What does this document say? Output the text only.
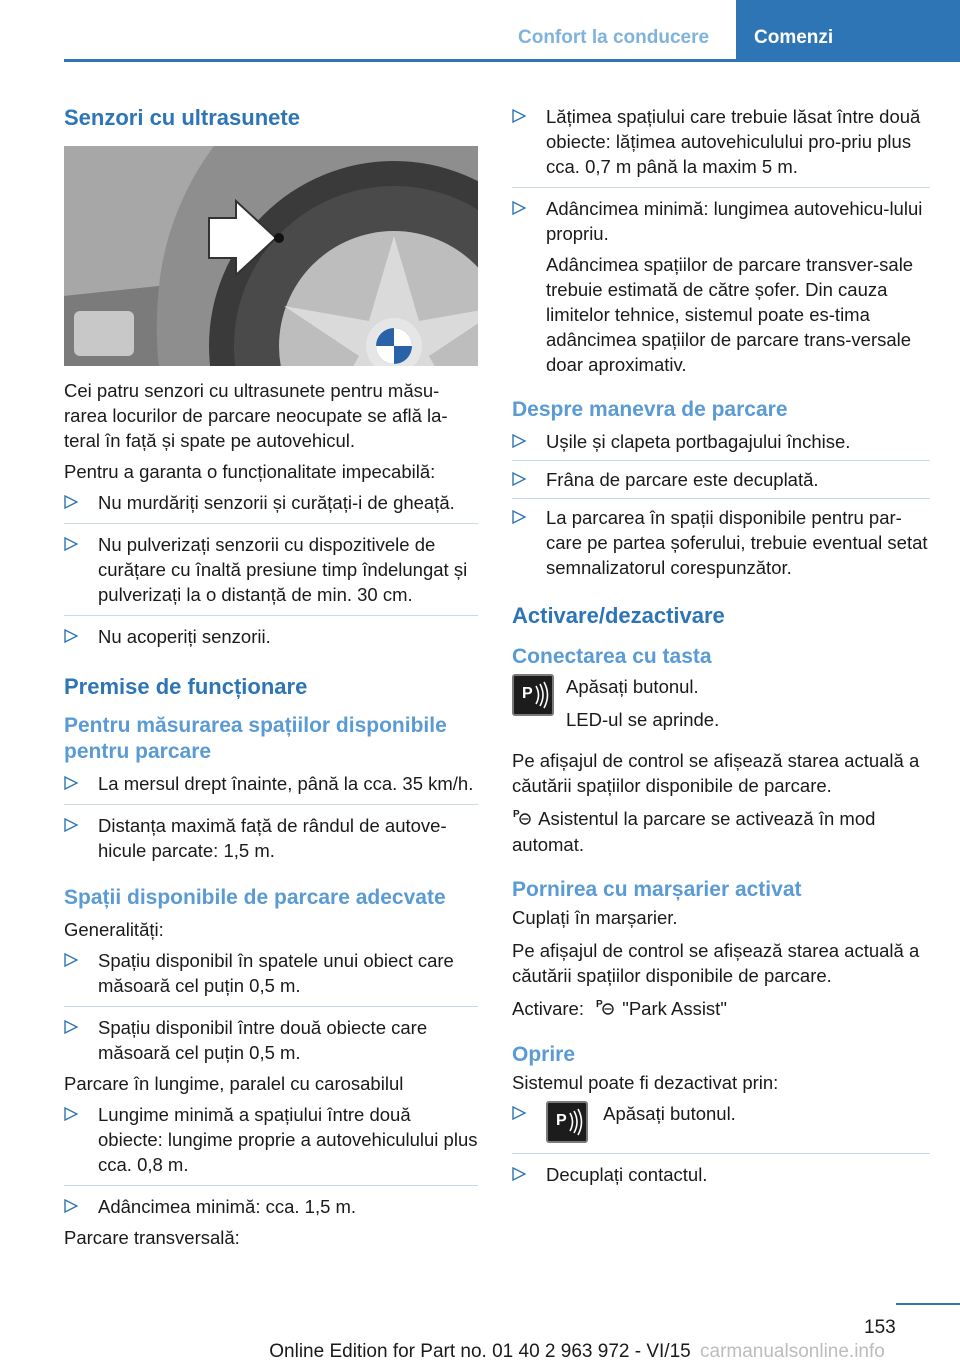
Confort la conducere Comenzi
Senzori cu ultrasunete

Cei patru senzori cu ultrasunete pentru măsu-rarea locurilor de parcare neocupate se află la-teral în față și spate pe autovehicul.

Pentru a garanta o funcționalitate impecabilă:

Nu murdăriți senzorii și curățați-i de gheață.
Nu pulverizați senzorii cu dispozitivele de curățare cu înaltă presiune timp îndelungat și pulverizați la o distanță de min. 30 cm.
Nu acoperiți senzorii.
Premise de funcționare
Pentru măsurarea spațiilor disponibile pentru parcare
La mersul drept înainte, până la cca. 35 km/h.
Distanța maximă față de rândul de autove-hicule parcate: 1,5 m.
Spații disponibile de parcare adecvate

Generalități:

Spațiu disponibil în spatele unui obiect care măsoară cel puțin 0,5 m.
Spațiu disponibil între două obiecte care măsoară cel puțin 0,5 m.

Parcare în lungime, paralel cu carosabilul

Lungime minimă a spațiului între două obiecte: lungime proprie a autovehiculului plus cca. 0,8 m.
Adâncimea minimă: cca. 1,5 m.

Parcare transversală:

Lățimea spațiului care trebuie lăsat între două obiecte: lățimea autovehiculului pro-priu plus cca. 0,7 m până la maxim 5 m.
Adâncimea minimă: lungimea autovehicu-lului propriu.

Adâncimea spațiilor de parcare transver-sale trebuie estimată de către șofer. Din cauza limitelor tehnice, sistemul poate es-tima adâncimea spațiilor de parcare trans-versale doar aproximativ.

Despre manevra de parcare
Ușile și clapeta portbagajului închise.
Frâna de parcare este decuplată.
La parcarea în spații disponibile pentru par-care pe partea șoferului, trebuie eventual setat semnalizatorul corespunzător.
Activare/dezactivare
Conectarea cu tasta
P Apăsați butonul.

LED-ul se aprinde.

Pe afișajul de control se afișează starea actuală a căutării spațiilor disponibile de parcare.

P Asistentul la parcare se activează în mod automat.

Pornirea cu marșarier activat

Cuplați în marșarier.

Pe afișajul de control se afișează starea actuală a căutării spațiilor disponibile de parcare.

Activare: P "Park Assist"

Oprire

Sistemul poate fi dezactivat prin:

P Apăsați butonul.
Decuplați contactul.
153
Online Edition for Part no. 01 40 2 963 972 - VI/15 carmanualsonline.info
